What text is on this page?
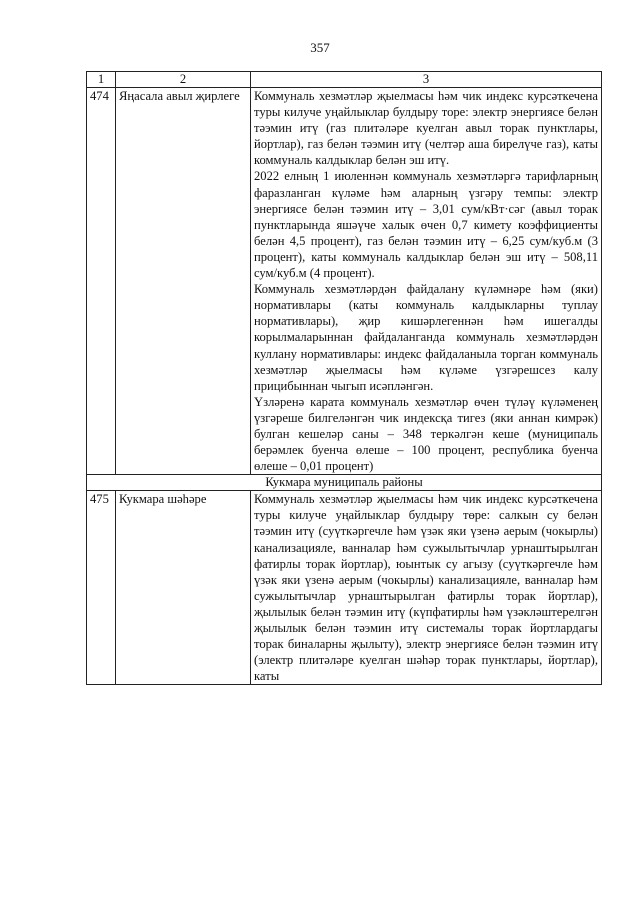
357
1	2	3
474	Яңасала авыл җирлеге	Коммуналь хезмәтләр җыелмасы һәм чик индекс курсәткечена туры килуче уңайлыклар булдыру торе: электр энергиясе белән тәэмин итү (газ плитәләре куелган авыл торак пунктлары, йортлар), газ белән тәэмин итү (челтәр аша бирелүче газ), каты коммуналь калдыклар белән эш итү.

2022 елның 1 июленнән коммуналь хезмәтләргә тарифларның фаразланган күләме һәм аларның үзгәру темпы: электр энергиясе белән тәэмин итү – 3,01 сум/кВт·сәг (авыл торак пунктларында яшәүче халык өчен 0,7 кимету коэффициенты белән 4,5 процент), газ белән тәэмин итү – 6,25 сум/куб.м (3 процент), каты коммуналь калдыклар белән эш итү – 508,11 сум/куб.м (4 процент).

Коммуналь хезмәтләрдән файдалану күләмнәре һәм (яки) нормативлары (каты коммуналь калдыкларны туплау нормативлары), җир кишәрлегеннән һәм ишегалды корылмаларыннан файдаланганда коммуналь хезмәтләрдән куллану нормативлары: индекс файдаланыла торган коммуналь хезмәтләр җыелмасы һәм күләме үзгәрешсез калу прицибыннан чыгып исәпләнгән.

Үзләренә карата коммуналь хезмәтләр өчен түләү күләменең үзгәреше билгеләнгән чик индексқа тигез (яки аннан кимрәк) булган кешеләр саны – 348 теркәлгән кеше (муниципаль берәмлек буенча өлеше – 100 процент, республика буенча өлеше – 0,01 процент)

Кукмара муниципаль районы		
475	Кукмара шәһәре	Коммуналь хезмәтләр җыелмасы һәм чик индекс курсәткечена туры килуче уңайлыклар булдыру төре: салкын су белән тәэмин итү (суүткәргечле һәм үзәк яки үзенә аерым (чокырлы) канализацияле, ванналар һәм сужылытычлар урнаштырылган фатирлы торак йортлар), юынтык су агызу (суүткәргечле һәм үзәк яки үзенә аерым (чокырлы) канализацияле, ванналар һәм сужылытычлар урнаштырылган фатирлы торак йортлар), җылылык белән тәэмин итү (күпфатирлы һәм үзәкләштерелгән җылылык белән тәэмин итү системалы торак йортлардагы торак биналарны җылыту), электр энергиясе белән тәэмин итү (электр плитәләре куелган шәһәр торак пунктлары, йортлар), каты
